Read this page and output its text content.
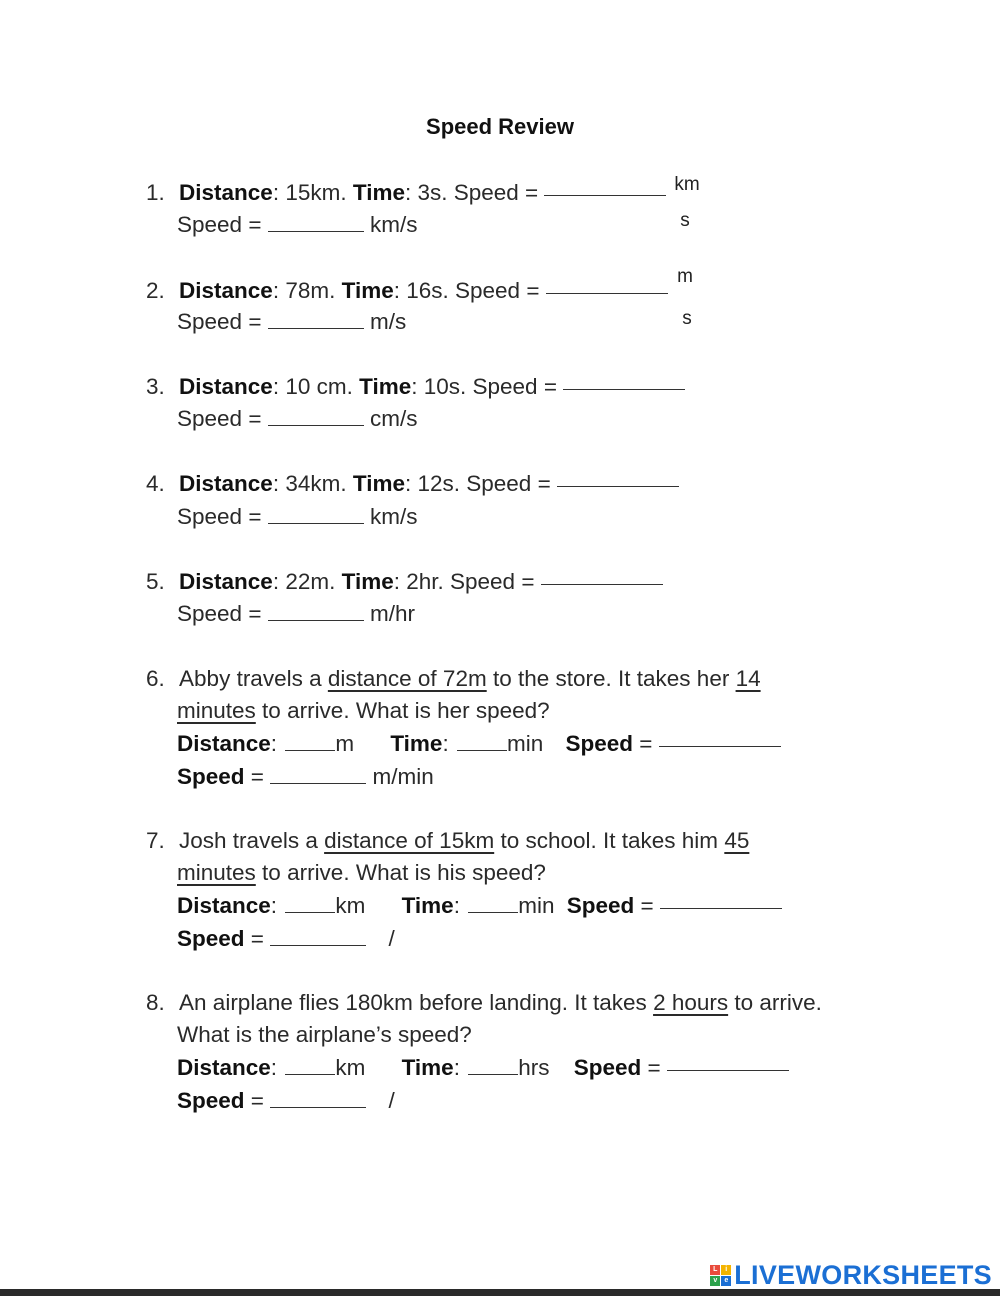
Speed Review
1. Distance: 15km. Time: 3s. Speed =	km
s
Speed =	km/s
2. Distance: 78m. Time: 16s. Speed =
m
s
Speed =	m/s
3. Distance: 10 cm. Time: 10s. Speed =
Speed =	cm/s
4. Distance: 34km. Time: 12s. Speed =
Speed =	km/s
5. Distance: 22m. Time: 2hr. Speed =
Speed =	m/hr
6. Abby travels a distance of 72m to the store. It takes her 14
minutes to arrive. What is her speed?
Distance: m Time: min Speed =
Speed =	m/min
7. Josh travels a distance of 15km to school. It takes him 45
minutes to arrive. What is his speed?
Distance: km Time: min Speed =
Speed =	/
8. An airplane flies 180km before landing. It takes 2 hours to arrive.
What is the airplane’s speed?
Distance: km Time: hrs Speed =
Speed =	/
L	i
v	e LIVEWORKSHEETS
